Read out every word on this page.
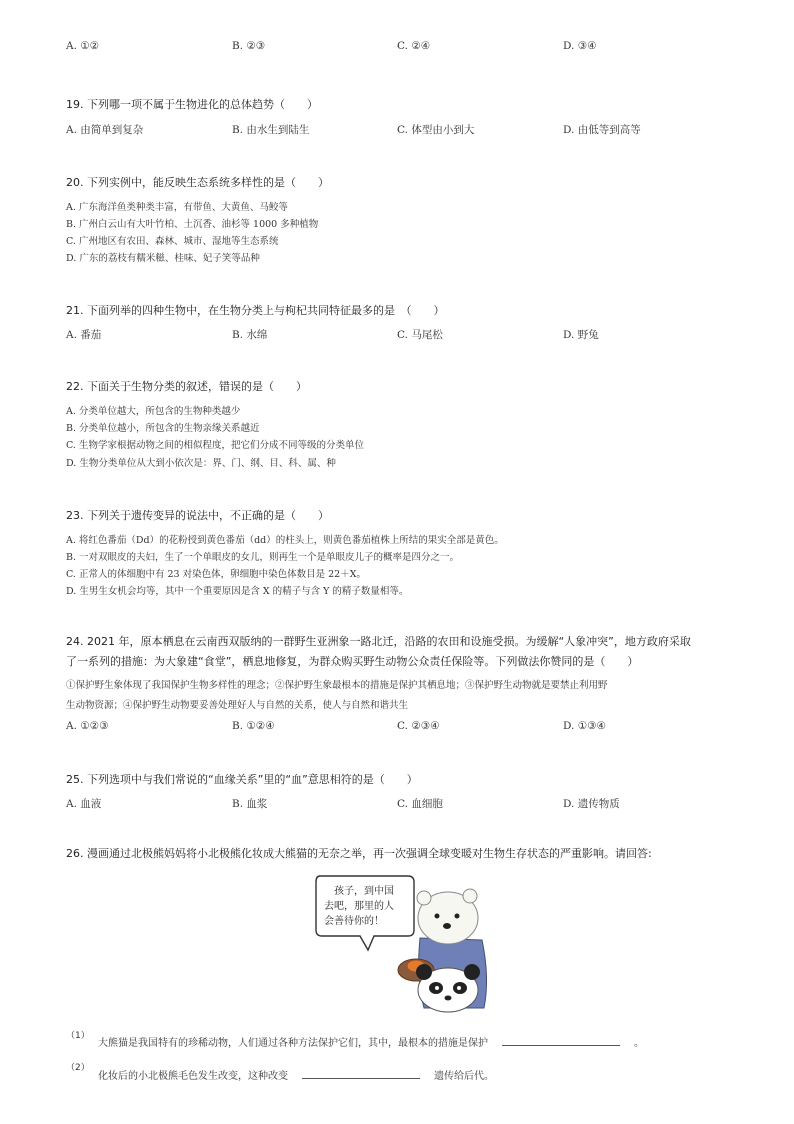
A. ①②	B. ②③	C. ②④	D. ③④
19. 下列哪一项不属于生物进化的总体趋势（　　）
A. 由简单到复杂	B. 由水生到陆生	C. 体型由小到大	D. 由低等到高等
20. 下列实例中，能反映生态系统多样性的是（　　）
A. 广东海洋鱼类种类丰富，有带鱼、大黄鱼、马鲛等
B. 广州白云山有大叶竹柏、土沉香、油杉等 1000 多种植物
C. 广州地区有农田、森林、城市、湿地等生态系统
D. 广东的荔枝有糯米糍、桂味、妃子笑等品种
21. 下面列举的四种生物中，在生物分类上与枸杞共同特征最多的是　（　　）
A. 番茄	B. 水绵	C. 马尾松	D. 野兔
22. 下面关于生物分类的叙述，错误的是（　　）
A. 分类单位越大，所包含的生物种类越少
B. 分类单位越小，所包含的生物亲缘关系越近
C. 生物学家根据动物之间的相似程度，把它们分成不同等级的分类单位
D. 生物分类单位从大到小依次是：界、门、纲、目、科、属、种
23. 下列关于遗传变异的说法中，不正确的是（　　）
A. 将红色番茄（Dd）的花粉授到黄色番茄（dd）的柱头上，则黄色番茄植株上所结的果实全部是黄色。
B. 一对双眼皮的夫妇，生了一个单眼皮的女儿，则再生一个是单眼皮儿子的概率是四分之一。
C. 正常人的体细胞中有 23 对染色体，卵细胞中染色体数目是 22＋X。
D. 生男生女机会均等，其中一个重要原因是含 X 的精子与含 Y 的精子数量相等。
24. 2021 年，原本栖息在云南西双版纳的一群野生亚洲象一路北迁，沿路的农田和设施受损。为缓解“人象冲突”，地方政府采取
了一系列的措施：为大象建“食堂”，栖息地修复，为群众购买野生动物公众责任保险等。下列做法你赞同的是（　　）
①保护野生象体现了我国保护生物多样性的理念；②保护野生象最根本的措施是保护其栖息地；③保护野生动物就是要禁止利用野
生动物资源；④保护野生动物要妥善处理好人与自然的关系，使人与自然和谐共生
A. ①②③	B. ①②④	C. ②③④	D. ①③④
25. 下列选项中与我们常说的“血缘关系”里的“血”意思相符的是（　　）
A. 血液	B. 血浆	C. 血细胞	D. 遗传物质
26. 漫画通过北极熊妈妈将小北极熊化妆成大熊猫的无奈之举，再一次强调全球变暖对生物生存状态的严重影响。请回答:
孩子，到中国
去吧，那里的人
会善待你的！
（1）
大熊猫是我国特有的珍稀动物，人们通过各种方法保护它们，其中，最根本的措施是保护	。
（2）
化妆后的小北极熊毛色发生改变，这种改变	遗传给后代。
